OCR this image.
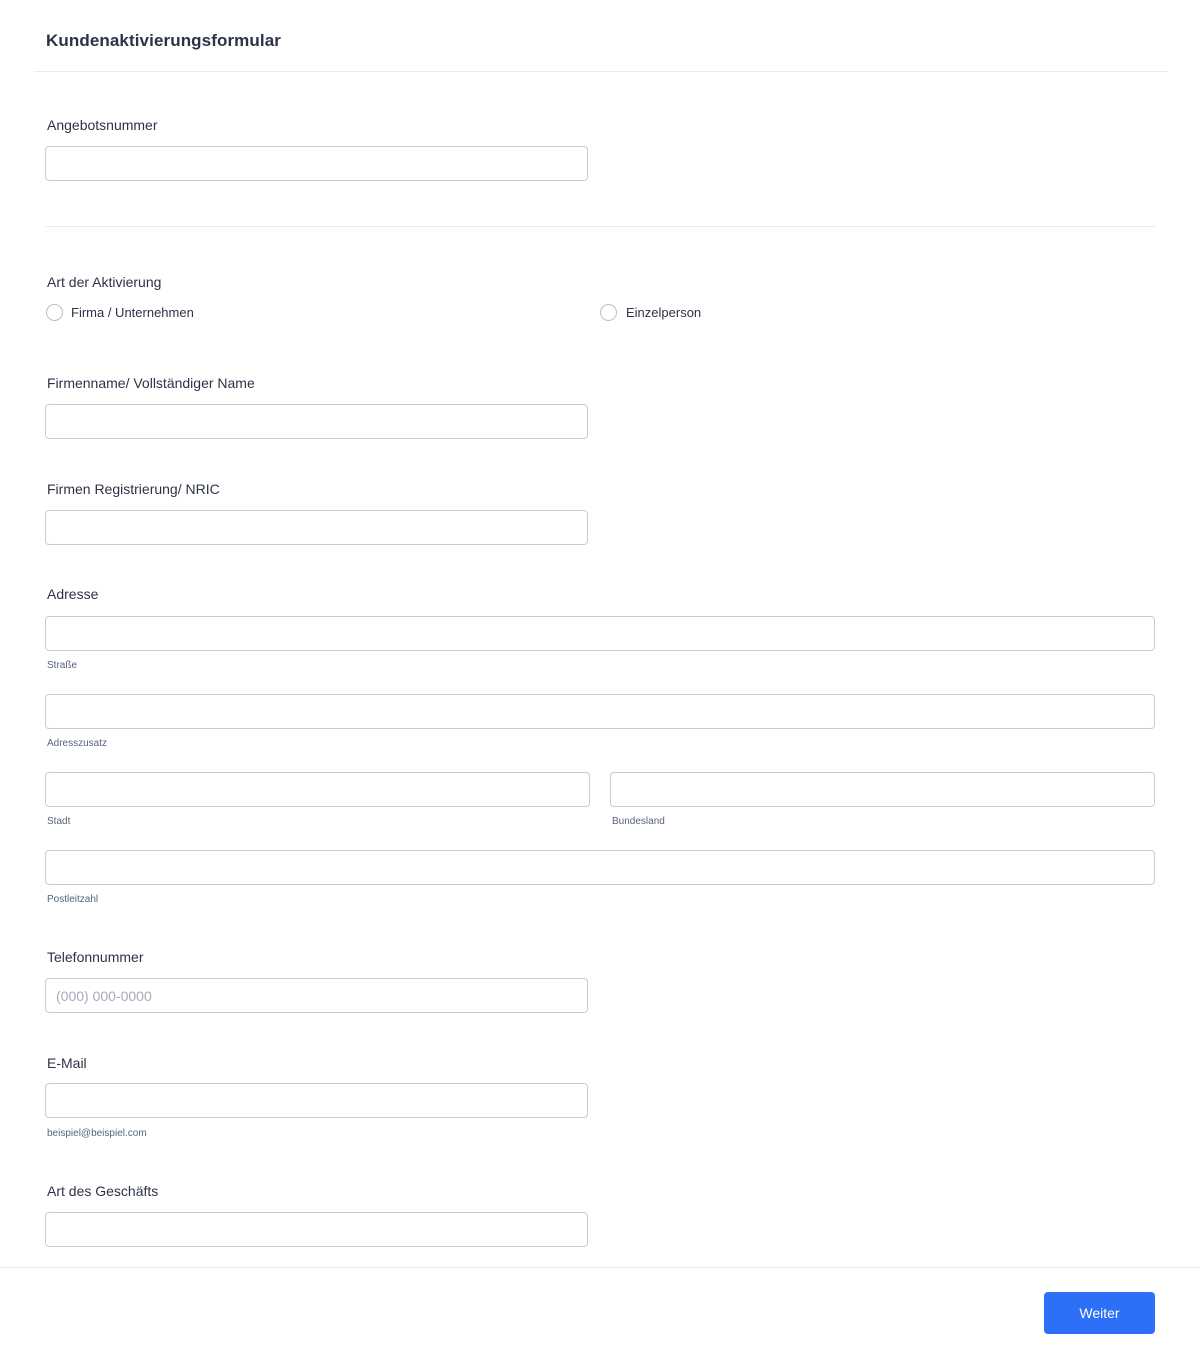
Kundenaktivierungsformular
Angebotsnummer
Art der Aktivierung
Firma / Unternehmen	Einzelperson
Firmenname/ Vollständiger Name
Firmen Registrierung/ NRIC
Adresse
Straße
Adresszusatz
Stadt	Bundesland
Postleitzahl
Telefonnummer
(000) 000-0000
E-Mail
beispiel@beispiel.com
Art des Geschäfts
Weiter
